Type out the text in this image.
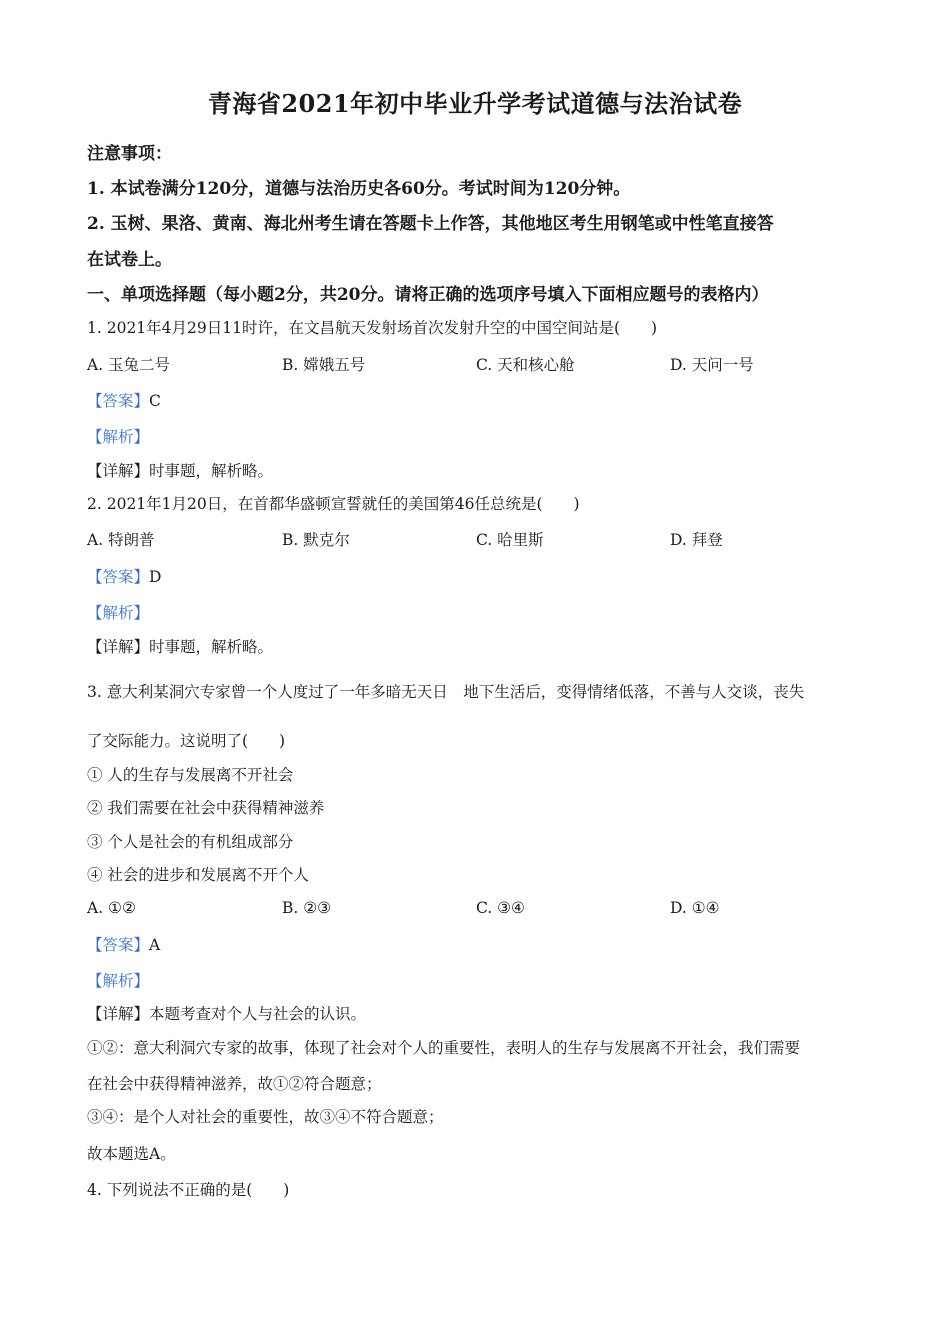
青海省2021年初中毕业升学考试道德与法治试卷
注意事项：
1. 本试卷满分120分，道德与法治历史各60分。考试时间为120分钟。
2. 玉树、果洛、黄南、海北州考生请在答题卡上作答，其他地区考生用钢笔或中性笔直接答
在试卷上。
一、单项选择题（每小题2分，共20分。请将正确的选项序号填入下面相应题号的表格内）
1. 2021年4月29日11时许，在文昌航天发射场首次发射升空的中国空间站是(　　)
A. 玉兔二号	B. 嫦娥五号	C. 天和核心舱	D. 天问一号
【答案】C
【解析】
【详解】时事题，解析略。
2. 2021年1月20日，在首都华盛顿宣誓就任的美国第46任总统是(　　)
A. 特朗普	B. 默克尔	C. 哈里斯	D. 拜登
【答案】D
【解析】
【详解】时事题，解析略。
3. 意大利某洞穴专家曾一个人度过了一年多暗无天日　地下生活后，变得情绪低落，不善与人交谈，丧失
了交际能力。这说明了(　　)
① 人的生存与发展离不开社会
② 我们需要在社会中获得精神滋养
③ 个人是社会的有机组成部分
④ 社会的进步和发展离不开个人
A. ①②	B. ②③	C. ③④	D. ①④
【答案】A
【解析】
【详解】本题考查对个人与社会的认识。
①②：意大利洞穴专家的故事，体现了社会对个人的重要性，表明人的生存与发展离不开社会，我们需要
在社会中获得精神滋养，故①②符合题意；
③④：是个人对社会的重要性，故③④不符合题意；
故本题选A。
4. 下列说法不正确的是(　　)
